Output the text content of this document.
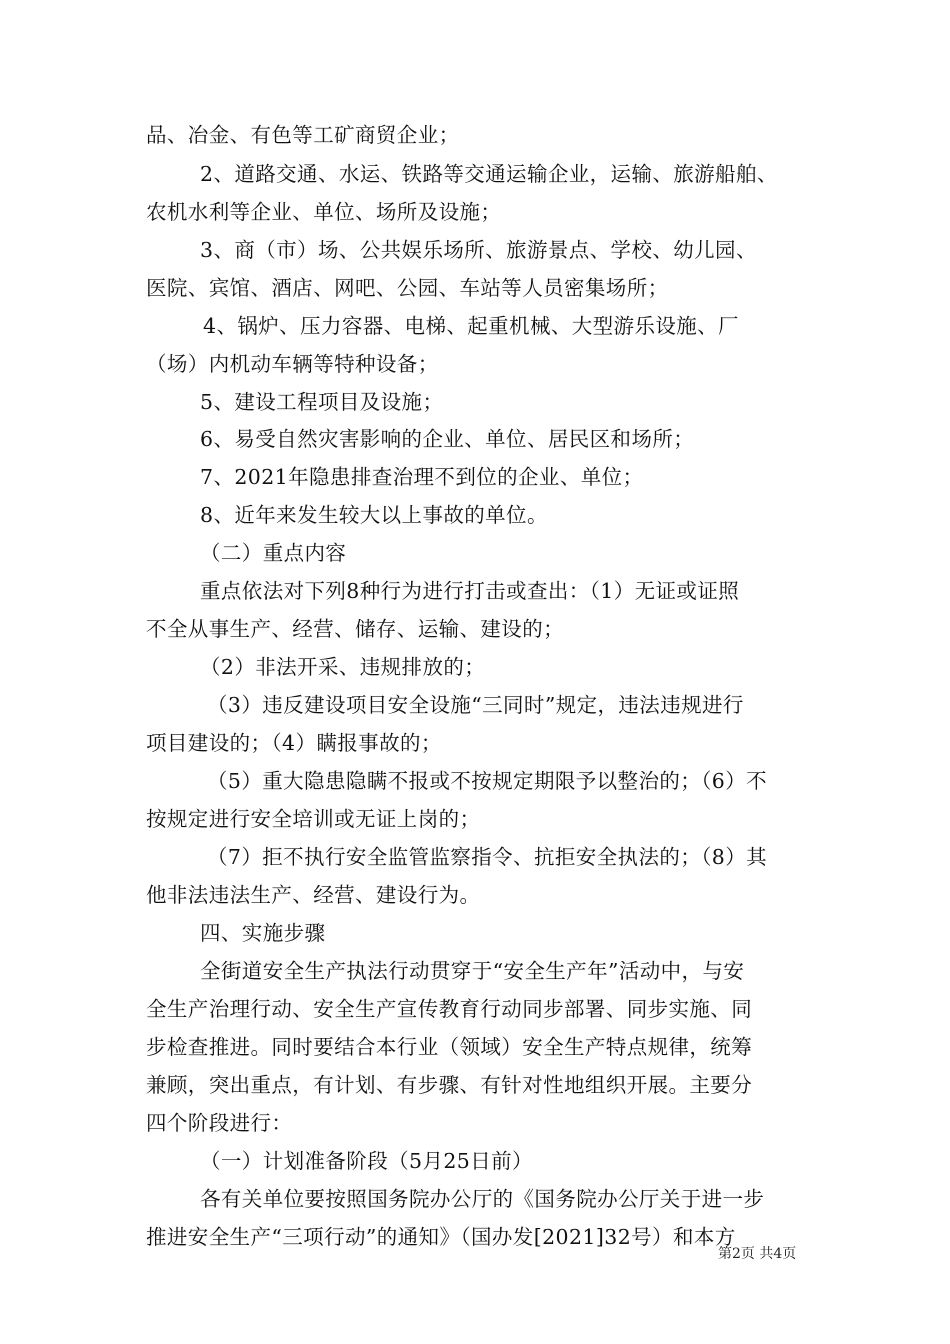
品、冶金、有色等工矿商贸企业；
2、道路交通、水运、铁路等交通运输企业，运输、旅游船舶、
农机水利等企业、单位、场所及设施；
3、商（市）场、公共娱乐场所、旅游景点、学校、幼儿园、
医院、宾馆、酒店、网吧、公园、车站等人员密集场所；
4、锅炉、压力容器、电梯、起重机械、大型游乐设施、厂
（场）内机动车辆等特种设备；
5、建设工程项目及设施；
6、易受自然灾害影响的企业、单位、居民区和场所；
7、2021年隐患排查治理不到位的企业、单位；
8、近年来发生较大以上事故的单位。
（二）重点内容
重点依法对下列8种行为进行打击或查出：（1）无证或证照
不全从事生产、经营、储存、运输、建设的；
（2）非法开采、违规排放的；
（3）违反建设项目安全设施“三同时”规定，违法违规进行
项目建设的；（4）瞒报事故的；
（5）重大隐患隐瞒不报或不按规定期限予以整治的；（6）不
按规定进行安全培训或无证上岗的；
（7）拒不执行安全监管监察指令、抗拒安全执法的；（8）其
他非法违法生产、经营、建设行为。
四、实施步骤
全街道安全生产执法行动贯穿于“安全生产年”活动中，与安
全生产治理行动、安全生产宣传教育行动同步部署、同步实施、同
步检查推进。同时要结合本行业（领域）安全生产特点规律，统筹
兼顾，突出重点，有计划、有步骤、有针对性地组织开展。主要分
四个阶段进行：
（一）计划准备阶段（5月25日前）
各有关单位要按照国务院办公厅的《国务院办公厅关于进一步
推进安全生产“三项行动”的通知》（国办发[2021]32号）和本方
第2页 共4页
